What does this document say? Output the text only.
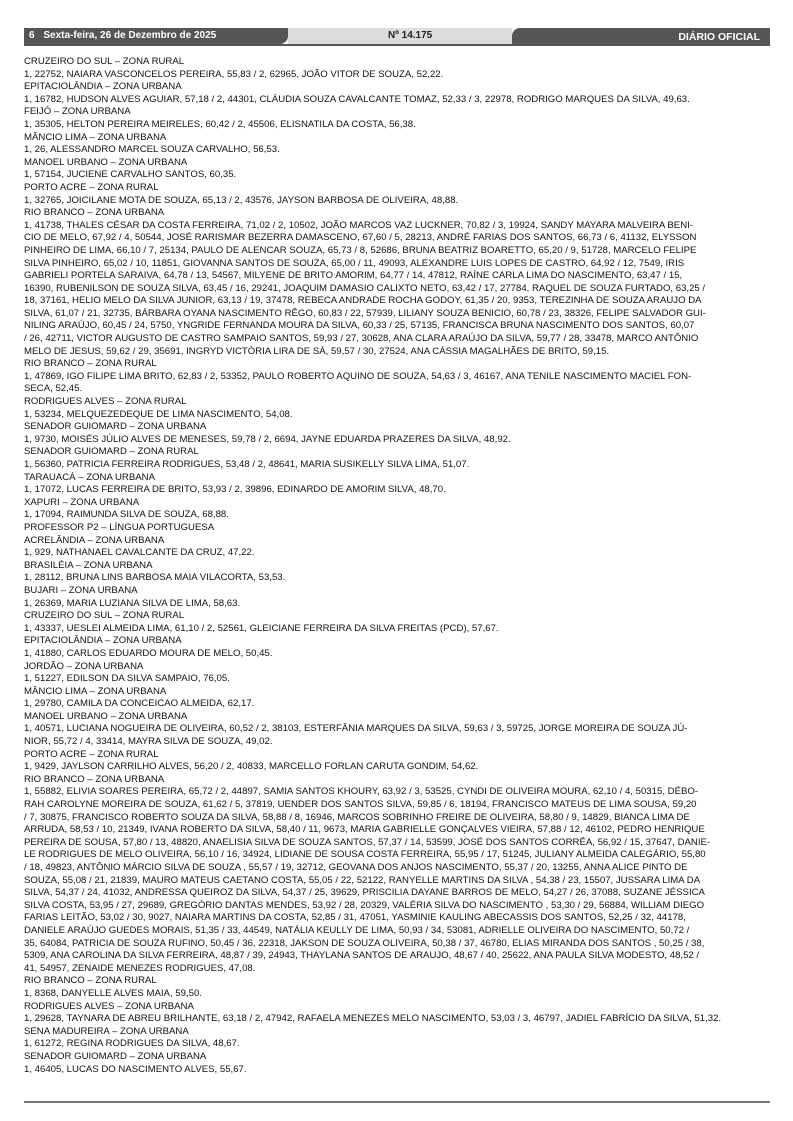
6 Sexta-feira, 26 de Dezembro de 2025	Nº 14.175	DIÁRIO OFICIAL

CRUZEIRO DO SUL – ZONA RURAL

1, 22752, NAIARA VASCONCELOS PEREIRA, 55,83 / 2, 62965, JOÃO VITOR DE SOUZA, 52,22.

EPITACIOLÂNDIA – ZONA URBANA

1, 16782, HUDSON ALVES AGUIAR, 57,18 / 2, 44301, CLÁUDIA SOUZA CAVALCANTE TOMAZ, 52,33 / 3, 22978, RODRIGO MARQUES DA SILVA, 49,63.

FEIJÓ – ZONA URBANA

1, 35305, HELTON PEREIRA MEIRELES, 60,42 / 2, 45506, ELISNATILA DA COSTA, 56,38.

MÂNCIO LIMA – ZONA URBANA

1, 26, ALESSANDRO MARCEL SOUZA CARVALHO, 56,53.

MANOEL URBANO – ZONA URBANA

1, 57154, JUCIENE CARVALHO SANTOS, 60,35.

PORTO ACRE – ZONA RURAL

1, 32765, JOICILANE MOTA DE SOUZA, 65,13 / 2, 43576, JAYSON BARBOSA DE OLIVEIRA, 48,88.

RIO BRANCO – ZONA URBANA

1, 41738, THALES CÉSAR DA COSTA FERREIRA, 71,02 / 2, 10502, JOÃO MARCOS VAZ LUCKNER, 70,82 / 3, 19924, SANDY MAYARA MALVEIRA BENI-

CIO DE MELO, 67,92 / 4, 50544, JOSÉ RARISMAR BEZERRA DAMASCENO, 67,60 / 5, 28213, ANDRÉ FARIAS DOS SANTOS, 66,73 / 6, 41132, ELYSSON

PINHEIRO DE LIMA, 66,10 / 7, 25134, PAULO DE ALENCAR SOUZA, 65,73 / 8, 52686, BRUNA BEATRIZ BOARETTO, 65,20 / 9, 51728, MARCELO FELIPE

SILVA PINHEIRO, 65,02 / 10, 11851, GIOVANNA SANTOS DE SOUZA, 65,00 / 11, 49093, ALEXANDRE LUIS LOPES DE CASTRO, 64,92 / 12, 7549, IRIS

GABRIELI PORTELA SARAIVA, 64,78 / 13, 54567, MILYENE DE BRITO AMORIM, 64,77 / 14, 47812, RAÍNE CARLA LIMA DO NASCIMENTO, 63,47 / 15,

16390, RUBENILSON DE SOUZA SILVA, 63,45 / 16, 29241, JOAQUIM DAMASIO CALIXTO NETO, 63,42 / 17, 27784, RAQUEL DE SOUZA FURTADO, 63,25 /

18, 37161, HELIO MELO DA SILVA JUNIOR, 63,13 / 19, 37478, REBECA ANDRADE ROCHA GODOY, 61,35 / 20, 9353, TEREZINHA DE SOUZA ARAUJO DA

SILVA, 61,07 / 21, 32735, BÁRBARA OYANA NASCIMENTO RÊGO, 60,83 / 22, 57939, LILIANY SOUZA BENICIO, 60,78 / 23, 38326, FELIPE SALVADOR GUI-

NILING ARAÚJO, 60,45 / 24, 5750, YNGRIDE FERNANDA MOURA DA SILVA, 60,33 / 25, 57135, FRANCISCA BRUNA NASCIMENTO DOS SANTOS, 60,07

/ 26, 42711, VICTOR AUGUSTO DE CASTRO SAMPAIO SANTOS, 59,93 / 27, 30628, ANA CLARA ARAÚJO DA SILVA, 59,77 / 28, 33478, MARCO ANTÔNIO

MELO DE JESUS, 59,62 / 29, 35691, INGRYD VICTÓRIA LIRA DE SÁ, 59,57 / 30, 27524, ANA CÁSSIA MAGALHÃES DE BRITO, 59,15.

RIO BRANCO – ZONA RURAL

1, 47869, IGO FILIPE LIMA BRITO, 62,83 / 2, 53352, PAULO ROBERTO AQUINO DE SOUZA, 54,63 / 3, 46167, ANA TENILE NASCIMENTO MACIEL FON-

SECA, 52,45.

RODRIGUES ALVES – ZONA RURAL

1, 53234, MELQUEZEDEQUE DE LIMA NASCIMENTO, 54,08.

SENADOR GUIOMARD – ZONA URBANA

1, 9730, MOISÉS JÚLIO ALVES DE MENESES, 59,78 / 2, 6694, JAYNE EDUARDA PRAZERES DA SILVA, 48,92.

SENADOR GUIOMARD – ZONA RURAL

1, 56360, PATRICIA FERREIRA RODRIGUES, 53,48 / 2, 48641, MARIA SUSIKELLY SILVA LIMA, 51,07.

TARAUACÁ – ZONA URBANA

1, 17072, LUCAS FERREIRA DE BRITO, 53,93 / 2, 39896, EDINARDO DE AMORIM SILVA, 48,70.

XAPURI – ZONA URBANA

1, 17094, RAIMUNDA SILVA DE SOUZA, 68,88.

PROFESSOR P2 – LÍNGUA PORTUGUESA

ACRELÂNDIA – ZONA URBANA

1, 929, NATHANAEL CAVALCANTE DA CRUZ, 47,22.

BRASILÉIA – ZONA URBANA

1, 28112, BRUNA LINS BARBOSA MAIA VILACORTA, 53,53.

BUJARI – ZONA URBANA

1, 26369, MARIA LUZIANA SILVA DE LIMA, 58,63.

CRUZEIRO DO SUL – ZONA RURAL

1, 43337, UESLEI ALMEIDA LIMA, 61,10 / 2, 52561, GLEICIANE FERREIRA DA SILVA FREITAS (PCD), 57,67.

EPITACIOLÂNDIA – ZONA URBANA

1, 41880, CARLOS EDUARDO MOURA DE MELO, 50,45.

JORDÃO – ZONA URBANA

1, 51227, EDILSON DA SILVA SAMPAIO, 76,05.

MÂNCIO LIMA – ZONA URBANA

1, 29780, CAMILA DA CONCEICAO ALMEIDA, 62,17.

MANOEL URBANO – ZONA URBANA

1, 40571, LUCIANA NOGUEIRA DE OLIVEIRA, 60,52 / 2, 38103, ESTERFÂNIA MARQUES DA SILVA, 59,63 / 3, 59725, JORGE MOREIRA DE SOUZA JÚ-

NIOR, 55,72 / 4, 33414, MAYRA SILVA DE SOUZA, 49,02.

PORTO ACRE – ZONA RURAL

1, 9429, JAYLSON CARRILHO ALVES, 56,20 / 2, 40833, MARCELLO FORLAN CARUTA GONDIM, 54,62.

RIO BRANCO – ZONA URBANA

1, 55882, ELIVIA SOARES PEREIRA, 65,72 / 2, 44897, SAMIA SANTOS KHOURY, 63,92 / 3, 53525, CYNDI DE OLIVEIRA MOURA, 62,10 / 4, 50315, DÉBO-

RAH CAROLYNE MOREIRA DE SOUZA, 61,62 / 5, 37819, UENDER DOS SANTOS SILVA, 59,85 / 6, 18194, FRANCISCO MATEUS DE LIMA SOUSA, 59,20

/ 7, 30875, FRANCISCO ROBERTO SOUZA DA SILVA, 58,88 / 8, 16946, MARCOS SOBRINHO FREIRE DE OLIVEIRA, 58,80 / 9, 14829, BIANCA LIMA DE

ARRUDA, 58,53 / 10, 21349, IVANA ROBERTO DA SILVA, 58,40 / 11, 9673, MARIA GABRIELLE GONÇALVES VIEIRA, 57,88 / 12, 46102, PEDRO HENRIQUE

PEREIRA DE SOUSA, 57,80 / 13, 48820, ANAELISIA SILVA DE SOUZA SANTOS, 57,37 / 14, 53599, JOSÉ DOS SANTOS CORRÊA, 56,92 / 15, 37647, DANIE-

LE RODRIGUES DE MELO OLIVEIRA, 56,10 / 16, 34924, LIDIANE DE SOUSA COSTA FERREIRA, 55,95 / 17, 51245, JULIANY ALMEIDA CALEGÁRIO, 55,80

/ 18, 49823, ANTÔNIO MÁRCIO SILVA DE SOUZA , 55,57 / 19, 32712, GEOVANA DOS ANJOS NASCIMENTO, 55,37 / 20, 13255, ANNA ALICE PINTO DE

SOUZA, 55,08 / 21, 21839, MAURO MATEUS CAETANO COSTA, 55,05 / 22, 52122, RANYELLE MARTINS DA SILVA , 54,38 / 23, 15507, JUSSARA LIMA DA

SILVA, 54,37 / 24, 41032, ANDRESSA QUEIROZ DA SILVA, 54,37 / 25, 39629, PRISCILIA DAYANE BARROS DE MELO, 54,27 / 26, 37088, SUZANE JÉSSICA

SILVA COSTA, 53,95 / 27, 29689, GREGÓRIO DANTAS MENDES, 53,92 / 28, 20329, VALÉRIA SILVA DO NASCIMENTO , 53,30 / 29, 56884, WILLIAM DIEGO

FARIAS LEITÃO, 53,02 / 30, 9027, NAIARA MARTINS DA COSTA, 52,85 / 31, 47051, YASMINIE KAULING ABECASSIS DOS SANTOS, 52,25 / 32, 44178,

DANIELE ARAÚJO GUEDES MORAIS, 51,35 / 33, 44549, NATÁLIA KEULLY DE LIMA, 50,93 / 34, 53081, ADRIELLE OLIVEIRA DO NASCIMENTO, 50,72 /

35, 64084, PATRICIA DE SOUZA RUFINO, 50,45 / 36, 22318, JAKSON DE SOUZA OLIVEIRA, 50,38 / 37, 46780, ELIAS MIRANDA DOS SANTOS , 50,25 / 38,

5309, ANA CAROLINA DA SILVA FERREIRA, 48,87 / 39, 24943, THAYLANA SANTOS DE ARAUJO, 48,67 / 40, 25622, ANA PAULA SILVA MODESTO, 48,52 /

41, 54957, ZENAIDE MENEZES RODRIGUES, 47,08.

RIO BRANCO – ZONA RURAL

1, 8368, DANYELLE ALVES MAIA, 59,50.

RODRIGUES ALVES – ZONA URBANA

1, 29628, TAYNARA DE ABREU BRILHANTE, 63,18 / 2, 47942, RAFAELA MENEZES MELO NASCIMENTO, 53,03 / 3, 46797, JADIEL FABRÍCIO DA SILVA, 51,32.

SENA MADUREIRA – ZONA URBANA

1, 61272, REGINA RODRIGUES DA SILVA, 48,67.

SENADOR GUIOMARD – ZONA URBANA

1, 46405, LUCAS DO NASCIMENTO ALVES, 55,67.
